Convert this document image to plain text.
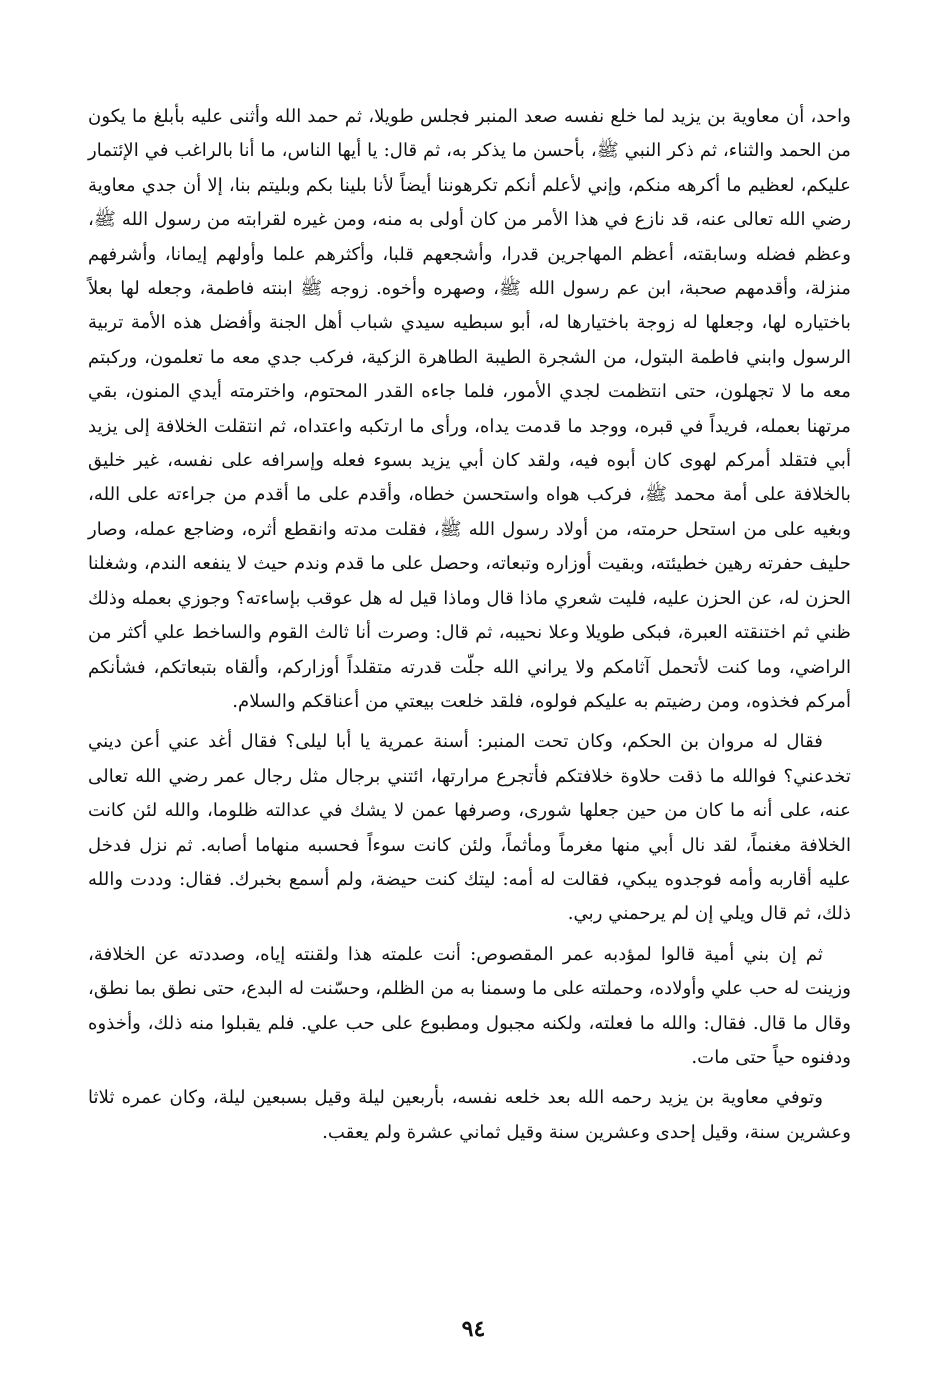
واحد، أن معاوية بن يزيد لما خلع نفسه صعد المنبر فجلس طويلا، ثم حمد الله وأثنى عليه بأبلغ ما يكون من الحمد والثناء، ثم ذكر النبي ﷺ، بأحسن ما يذكر به، ثم قال: يا أيها الناس، ما أنا بالراغب في الإئتمار عليكم، لعظيم ما أكرهه منكم، وإني لأعلم أنكم تكرهوننا أيضاً لأنا بلينا بكم وبليتم بنا، إلا أن جدي معاوية رضي الله تعالى عنه، قد نازع في هذا الأمر من كان أولى به منه، ومن غيره لقرابته من رسول الله ﷺ، وعظم فضله وسابقته، أعظم المهاجرين قدرا، وأشجعهم قلبا، وأكثرهم علما وأولهم إيمانا، وأشرفهم منزلة، وأقدمهم صحبة، ابن عم رسول الله ﷺ، وصهره وأخوه. زوجه ﷺ ابنته فاطمة، وجعله لها بعلاً باختياره لها، وجعلها له زوجة باختيارها له، أبو سبطيه سيدي شباب أهل الجنة وأفضل هذه الأمة تربية الرسول وابني فاطمة البتول، من الشجرة الطيبة الطاهرة الزكية، فركب جدي معه ما تعلمون، وركبتم معه ما لا تجهلون، حتى انتظمت لجدي الأمور، فلما جاءه القدر المحتوم، واخترمته أيدي المنون، بقي مرتهنا بعمله، فريداً في قبره، ووجد ما قدمت يداه، ورأى ما ارتكبه واعتداه، ثم انتقلت الخلافة إلى يزيد أبي فتقلد أمركم لهوى كان أبوه فيه، ولقد كان أبي يزيد بسوء فعله وإسرافه على نفسه، غير خليق بالخلافة على أمة محمد ﷺ، فركب هواه واستحسن خطاه، وأقدم على ما أقدم من جراءته على الله، وبغيه على من استحل حرمته، من أولاد رسول الله ﷺ، فقلت مدته وانقطع أثره، وضاجع عمله، وصار حليف حفرته رهين خطيئته، وبقيت أوزاره وتبعاته، وحصل على ما قدم وندم حيث لا ينفعه الندم، وشغلنا الحزن له، عن الحزن عليه، فليت شعري ماذا قال وماذا قيل له هل عوقب بإساءته؟ وجوزي بعمله وذلك ظني ثم اختنقته العبرة، فبكى طويلا وعلا نحيبه، ثم قال: وصرت أنا ثالث القوم والساخط علي أكثر من الراضي، وما كنت لأتحمل آثامكم ولا يراني الله جلّت قدرته متقلداً أوزاركم، وألقاه بتبعاتكم، فشأنكم أمركم فخذوه، ومن رضيتم به عليكم فولوه، فلقد خلعت بيعتي من أعناقكم والسلام.

فقال له مروان بن الحكم، وكان تحت المنبر: أسنة عمرية يا أبا ليلى؟ فقال أغد عني أعن ديني تخدعني؟ فوالله ما ذقت حلاوة خلافتكم فأتجرع مرارتها، ائتني برجال مثل رجال عمر رضي الله تعالى عنه، على أنه ما كان من حين جعلها شورى، وصرفها عمن لا يشك في عدالته ظلوما، والله لئن كانت الخلافة مغنماً، لقد نال أبي منها مغرماً ومأثماً، ولئن كانت سوءاً فحسبه منهاما أصابه. ثم نزل فدخل عليه أقاربه وأمه فوجدوه يبكي، فقالت له أمه: ليتك كنت حيضة، ولم أسمع بخبرك. فقال: وددت والله ذلك، ثم قال ويلي إن لم يرحمني ربي.

ثم إن بني أمية قالوا لمؤدبه عمر المقصوص: أنت علمته هذا ولقنته إياه، وصددته عن الخلافة، وزينت له حب علي وأولاده، وحملته على ما وسمنا به من الظلم، وحسّنت له البدع، حتى نطق بما نطق، وقال ما قال. فقال: والله ما فعلته، ولكنه مجبول ومطبوع على حب علي. فلم يقبلوا منه ذلك، وأخذوه ودفنوه حياً حتى مات.

وتوفي معاوية بن يزيد رحمه الله بعد خلعه نفسه، بأربعين ليلة وقيل بسبعين ليلة، وكان عمره ثلاثا وعشرين سنة، وقيل إحدى وعشرين سنة وقيل ثماني عشرة ولم يعقب.

٩٤
